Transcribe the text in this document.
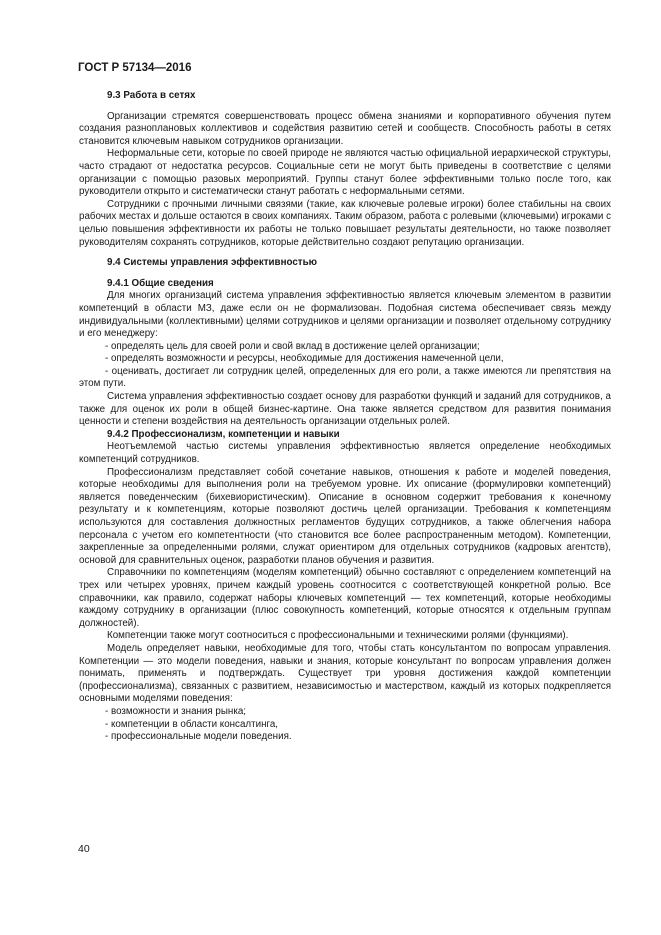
ГОСТ Р 57134—2016
9.3 Работа в сетях

Организации стремятся совершенствовать процесс обмена знаниями и корпоративного обучения путем создания разноплановых коллективов и содействия развитию сетей и сообществ. Способность работы в сетях становится ключевым навыком сотрудников организации.

Неформальные сети, которые по своей природе не являются частью официальной иерархической структуры, часто страдают от недостатка ресурсов. Социальные сети не могут быть приведены в соответствие с целями организации с помощью разовых мероприятий. Группы станут более эффективными только после того, как руководители открыто и систематически станут работать с неформальными сетями.

Сотрудники с прочными личными связями (такие, как ключевые ролевые игроки) более стабильны на своих рабочих местах и дольше остаются в своих компаниях. Таким образом, работа с ролевыми (ключевыми) игроками с целью повышения эффективности их работы не только повышает результаты деятельности, но также позволяет руководителям сохранять сотрудников, которые действительно создают репутацию организации.

9.4 Системы управления эффективностью
9.4.1 Общие сведения

Для многих организаций система управления эффективностью является ключевым элементом в развитии компетенций в области МЗ, даже если он не формализован. Подобная система обеспечивает связь между индивидуальными (коллективными) целями сотрудников и целями организации и позволяет отдельному сотруднику и его менеджеру:

- определять цель для своей роли и свой вклад в достижение целей организации;

- определять возможности и ресурсы, необходимые для достижения намеченной цели,

- оценивать, достигает ли сотрудник целей, определенных для его роли, а также имеются ли препятствия на этом пути.

Система управления эффективностью создает основу для разработки функций и заданий для сотрудников, а также для оценок их роли в общей бизнес-картине. Она также является средством для развития понимания ценности и степени воздействия на деятельность организации отдельных ролей.

9.4.2 Профессионализм, компетенции и навыки

Неотъемлемой частью системы управления эффективностью является определение необходимых компетенций сотрудников.

Профессионализм представляет собой сочетание навыков, отношения к работе и моделей поведения, которые необходимы для выполнения роли на требуемом уровне. Их описание (формулировки компетенций) является поведенческим (бихевиористическим). Описание в основном содержит требования к конечному результату и к компетенциям, которые позволяют достичь целей организации. Требования к компетенциям используются для составления должностных регламентов будущих сотрудников, а также облегчения набора персонала с учетом его компетентности (что становится все более распространенным методом). Компетенции, закрепленные за определенными ролями, служат ориентиром для отдельных сотрудников (кадровых агентств), основой для сравнительных оценок, разработки планов обучения и развития.

Справочники по компетенциям (моделям компетенций) обычно составляют с определением компетенций на трех или четырех уровнях, причем каждый уровень соотносится с соответствующей конкретной ролью. Все справочники, как правило, содержат наборы ключевых компетенций — тех компетенций, которые необходимы каждому сотруднику в организации (плюс совокупность компетенций, которые относятся к отдельным группам должностей).

Компетенции также могут соотноситься с профессиональными и техническими ролями (функциями).

Модель определяет навыки, необходимые для того, чтобы стать консультантом по вопросам управления. Компетенции — это модели поведения, навыки и знания, которые консультант по вопросам управления должен понимать, применять и подтверждать. Существует три уровня достижения каждой компетенции (профессионализма), связанных с развитием, независимостью и мастерством, каждый из которых подкрепляется основными моделями поведения:

- возможности и знания рынка;

- компетенции в области консалтинга,

- профессиональные модели поведения.

40
